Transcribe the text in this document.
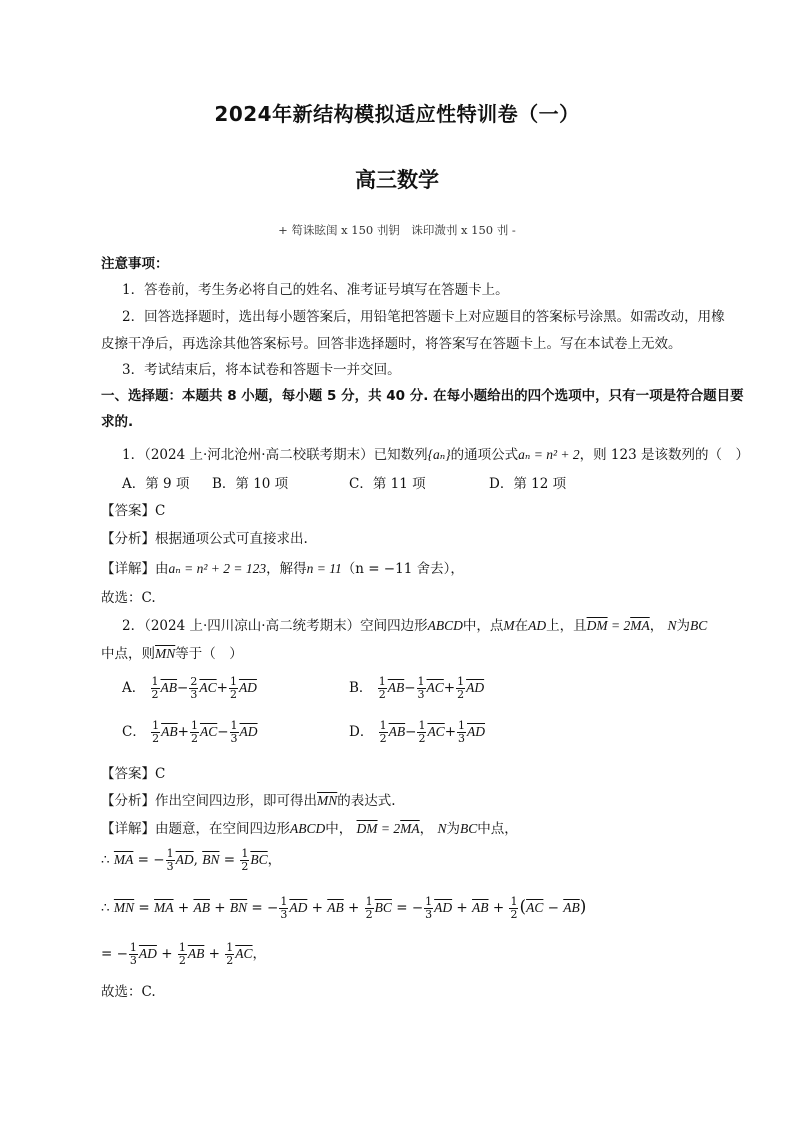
2024年新结构模拟适应性特训卷（一）
高三数学
+ 笱诛眩闺 x 150 刌钥　诛印溦刌 x 150 刌 -
注意事项：
1．答卷前，考生务必将自己的姓名、准考证号填写在答题卡上。
2．回答选择题时，选出每小题答案后，用铅笔把答题卡上对应题目的答案标号涂黑。如需改动，用橡
皮擦干净后，再选涂其他答案标号。回答非选择题时，将答案写在答题卡上。写在本试卷上无效。
3．考试结束后，将本试卷和答题卡一并交回。
一、选择题：本题共 8 小题，每小题 5 分，共 40 分. 在每小题给出的四个选项中，只有一项是符合题目要
求的.
1．（2024 上·河北沧州·高二校联考期末）已知数列{aₙ}的通项公式aₙ = n² + 2，则 123 是该数列的（　）
A．第 9 项 B．第 10 项	C．第 11 项	D．第 12 项
【答案】C
【分析】根据通项公式可直接求出.
【详解】由aₙ = n² + 2 = 123，解得n = 11（n = −11 舍去），
故选：C.
2．（2024 上·四川凉山·高二统考期末）空间四边形ABCD中，点M在AD上，且$\overline{DM} = 2\overline{MA}$， N为BC
中点，则$\overline{MN}$等于（　）
A． $\frac{1}{2} \overline{AB}- \frac{2}{3} \overline{AC}+ \frac{1}{2} \overline{AD}$	B． $\frac{1}{2} \overline{AB}- \frac{1}{3} \overline{AC}+ \frac{1}{2} \overline{AD}$
C． $\frac{1}{2} \overline{AB}+ \frac{1}{2} \overline{AC}- \frac{1}{3} \overline{AD}$	D． $\frac{1}{2} \overline{AB}- \frac{1}{2} \overline{AC}+ \frac{1}{3} \overline{AD}$
【答案】C
【分析】作出空间四边形，即可得出$\overline{MN}$的表达式.
【详解】由题意，在空间四边形ABCD中， $\overline{DM} = 2\overline{MA}$， N为BC中点，
∴ $\overline{MA}$ = − $\frac{1}{3} \overline{AD}$, $\overline{BN} = \frac{1}{2} \overline{BC}$，
∴ $\overline{MN} = \overline{MA} + \overline{AB} + \overline{BN}$ = − $\frac{1}{3} \overline{AD} + \overline{AB} + \frac{1}{2} \overline{BC}$ = − $\frac{1}{3} \overline{AD} + \overline{AB} + \frac{1}{2} (\overline{AC} - \overline{AB})$
= − $\frac{1}{3} \overline{AD} + \frac{1}{2} \overline{AB} + \frac{1}{2} \overline{AC}$，
故选：C.
